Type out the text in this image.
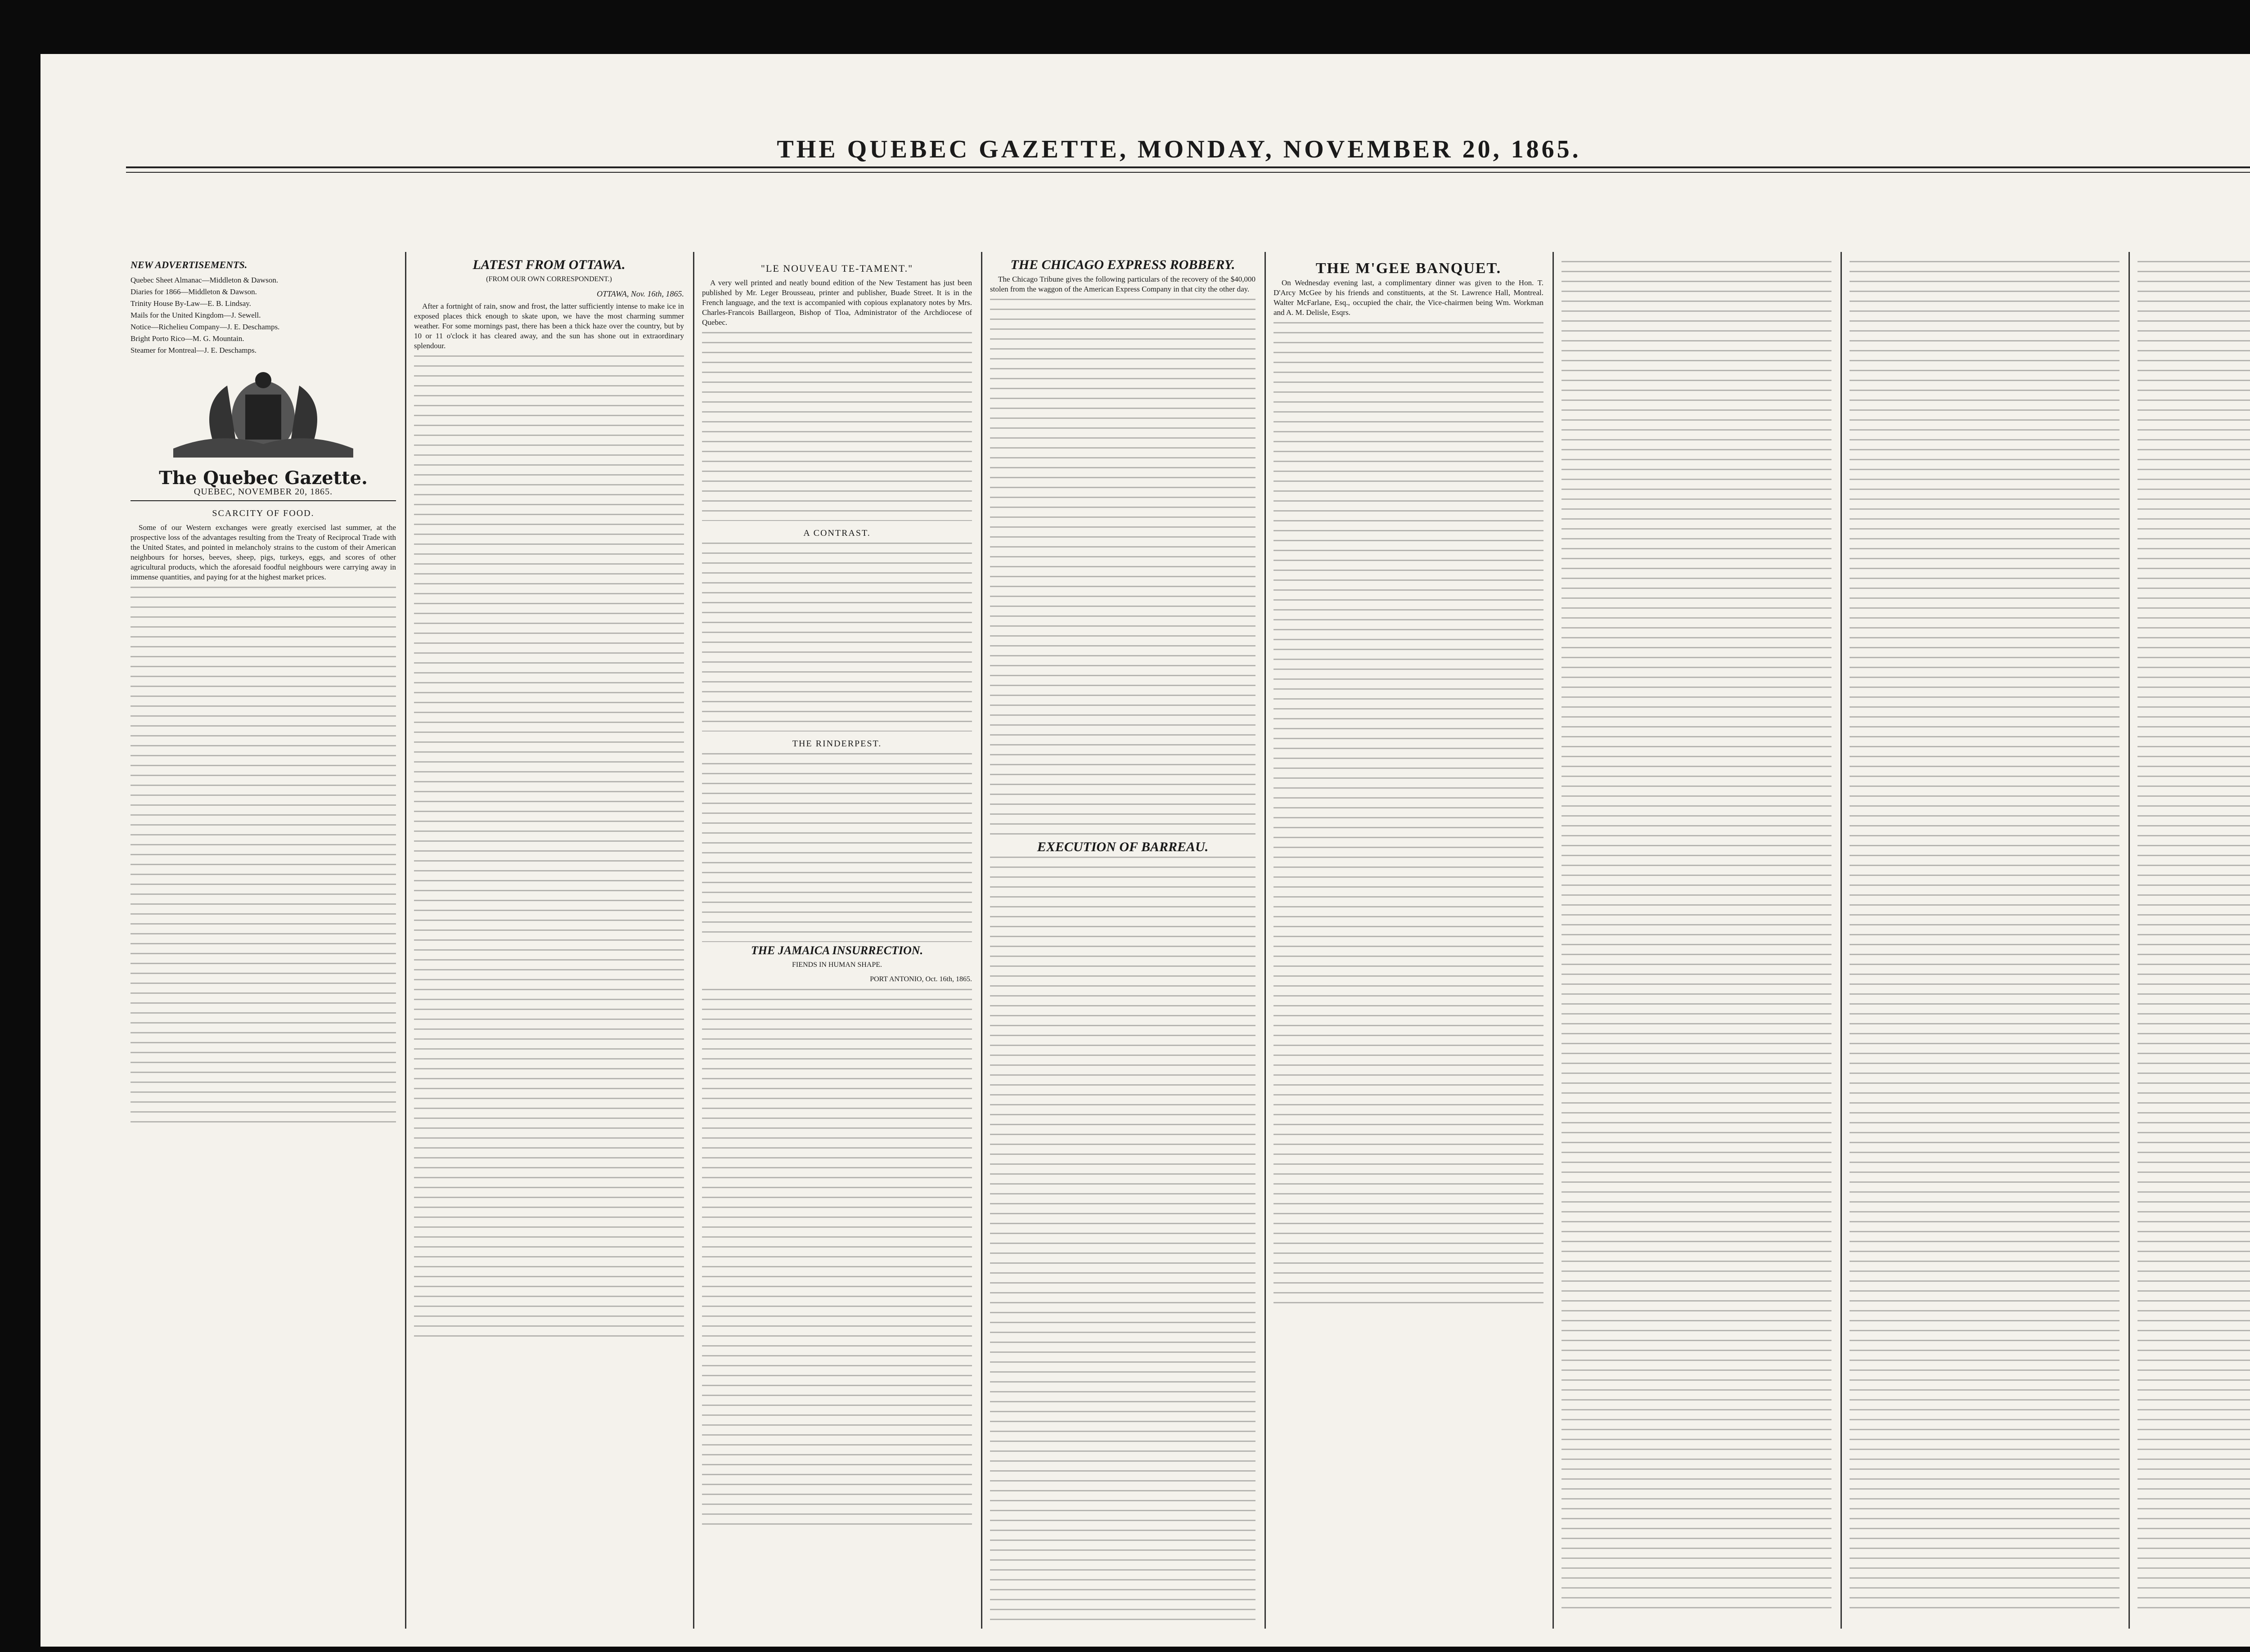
THE QUEBEC GAZETTE, MONDAY, NOVEMBER 20, 1865.
NEW ADVERTISEMENTS.
Quebec Sheet Almanac—Middleton & Dawson.
Diaries for 1866—Middleton & Dawson.
Trinity House By-Law—E. B. Lindsay.
Mails for the United Kingdom—J. Sewell.
Notice—Richelieu Company—J. E. Deschamps.
Bright Porto Rico—M. G. Mountain.
Steamer for Montreal—J. E. Deschamps.
The Quebec Gazette.
QUEBEC, NOVEMBER 20, 1865.
SCARCITY OF FOOD.

Some of our Western exchanges were greatly exercised last summer, at the prospective loss of the advantages resulting from the Treaty of Reciprocal Trade with the United States, and pointed in melancholy strains to the custom of their American neighbours for horses, beeves, sheep, pigs, turkeys, eggs, and scores of other agricultural products, which the aforesaid foodful neighbours were carrying away in immense quantities, and paying for at the highest market prices.

LATEST FROM OTTAWA.
(FROM OUR OWN CORRESPONDENT.)
OTTAWA, Nov. 16th, 1865.

After a fortnight of rain, snow and frost, the latter sufficiently intense to make ice in exposed places thick enough to skate upon, we have the most charming summer weather. For some mornings past, there has been a thick haze over the country, but by 10 or 11 o'clock it has cleared away, and the sun has shone out in extraordinary splendour.

"LE NOUVEAU TE-TAMENT."

A very well printed and neatly bound edition of the New Testament has just been published by Mr. Leger Brousseau, printer and publisher, Buade Street. It is in the French language, and the text is accompanied with copious explanatory notes by Mrs. Charles-Francois Baillargeon, Bishop of Tloa, Administrator of the Archdiocese of Quebec.

A CONTRAST.
THE RINDERPEST.
THE JAMAICA INSURRECTION.
FIENDS IN HUMAN SHAPE.
PORT ANTONIO, Oct. 16th, 1865.
THE CHICAGO EXPRESS ROBBERY.

The Chicago Tribune gives the following particulars of the recovery of the $40,000 stolen from the waggon of the American Express Company in that city the other day.

EXECUTION OF BARREAU.
THE M'GEE BANQUET.

On Wednesday evening last, a complimentary dinner was given to the Hon. T. D'Arcy McGee by his friends and constituents, at the St. Lawrence Hall, Montreal. Walter McFarlane, Esq., occupied the chair, the Vice-chairmen being Wm. Workman and A. M. Delisle, Esqrs.
